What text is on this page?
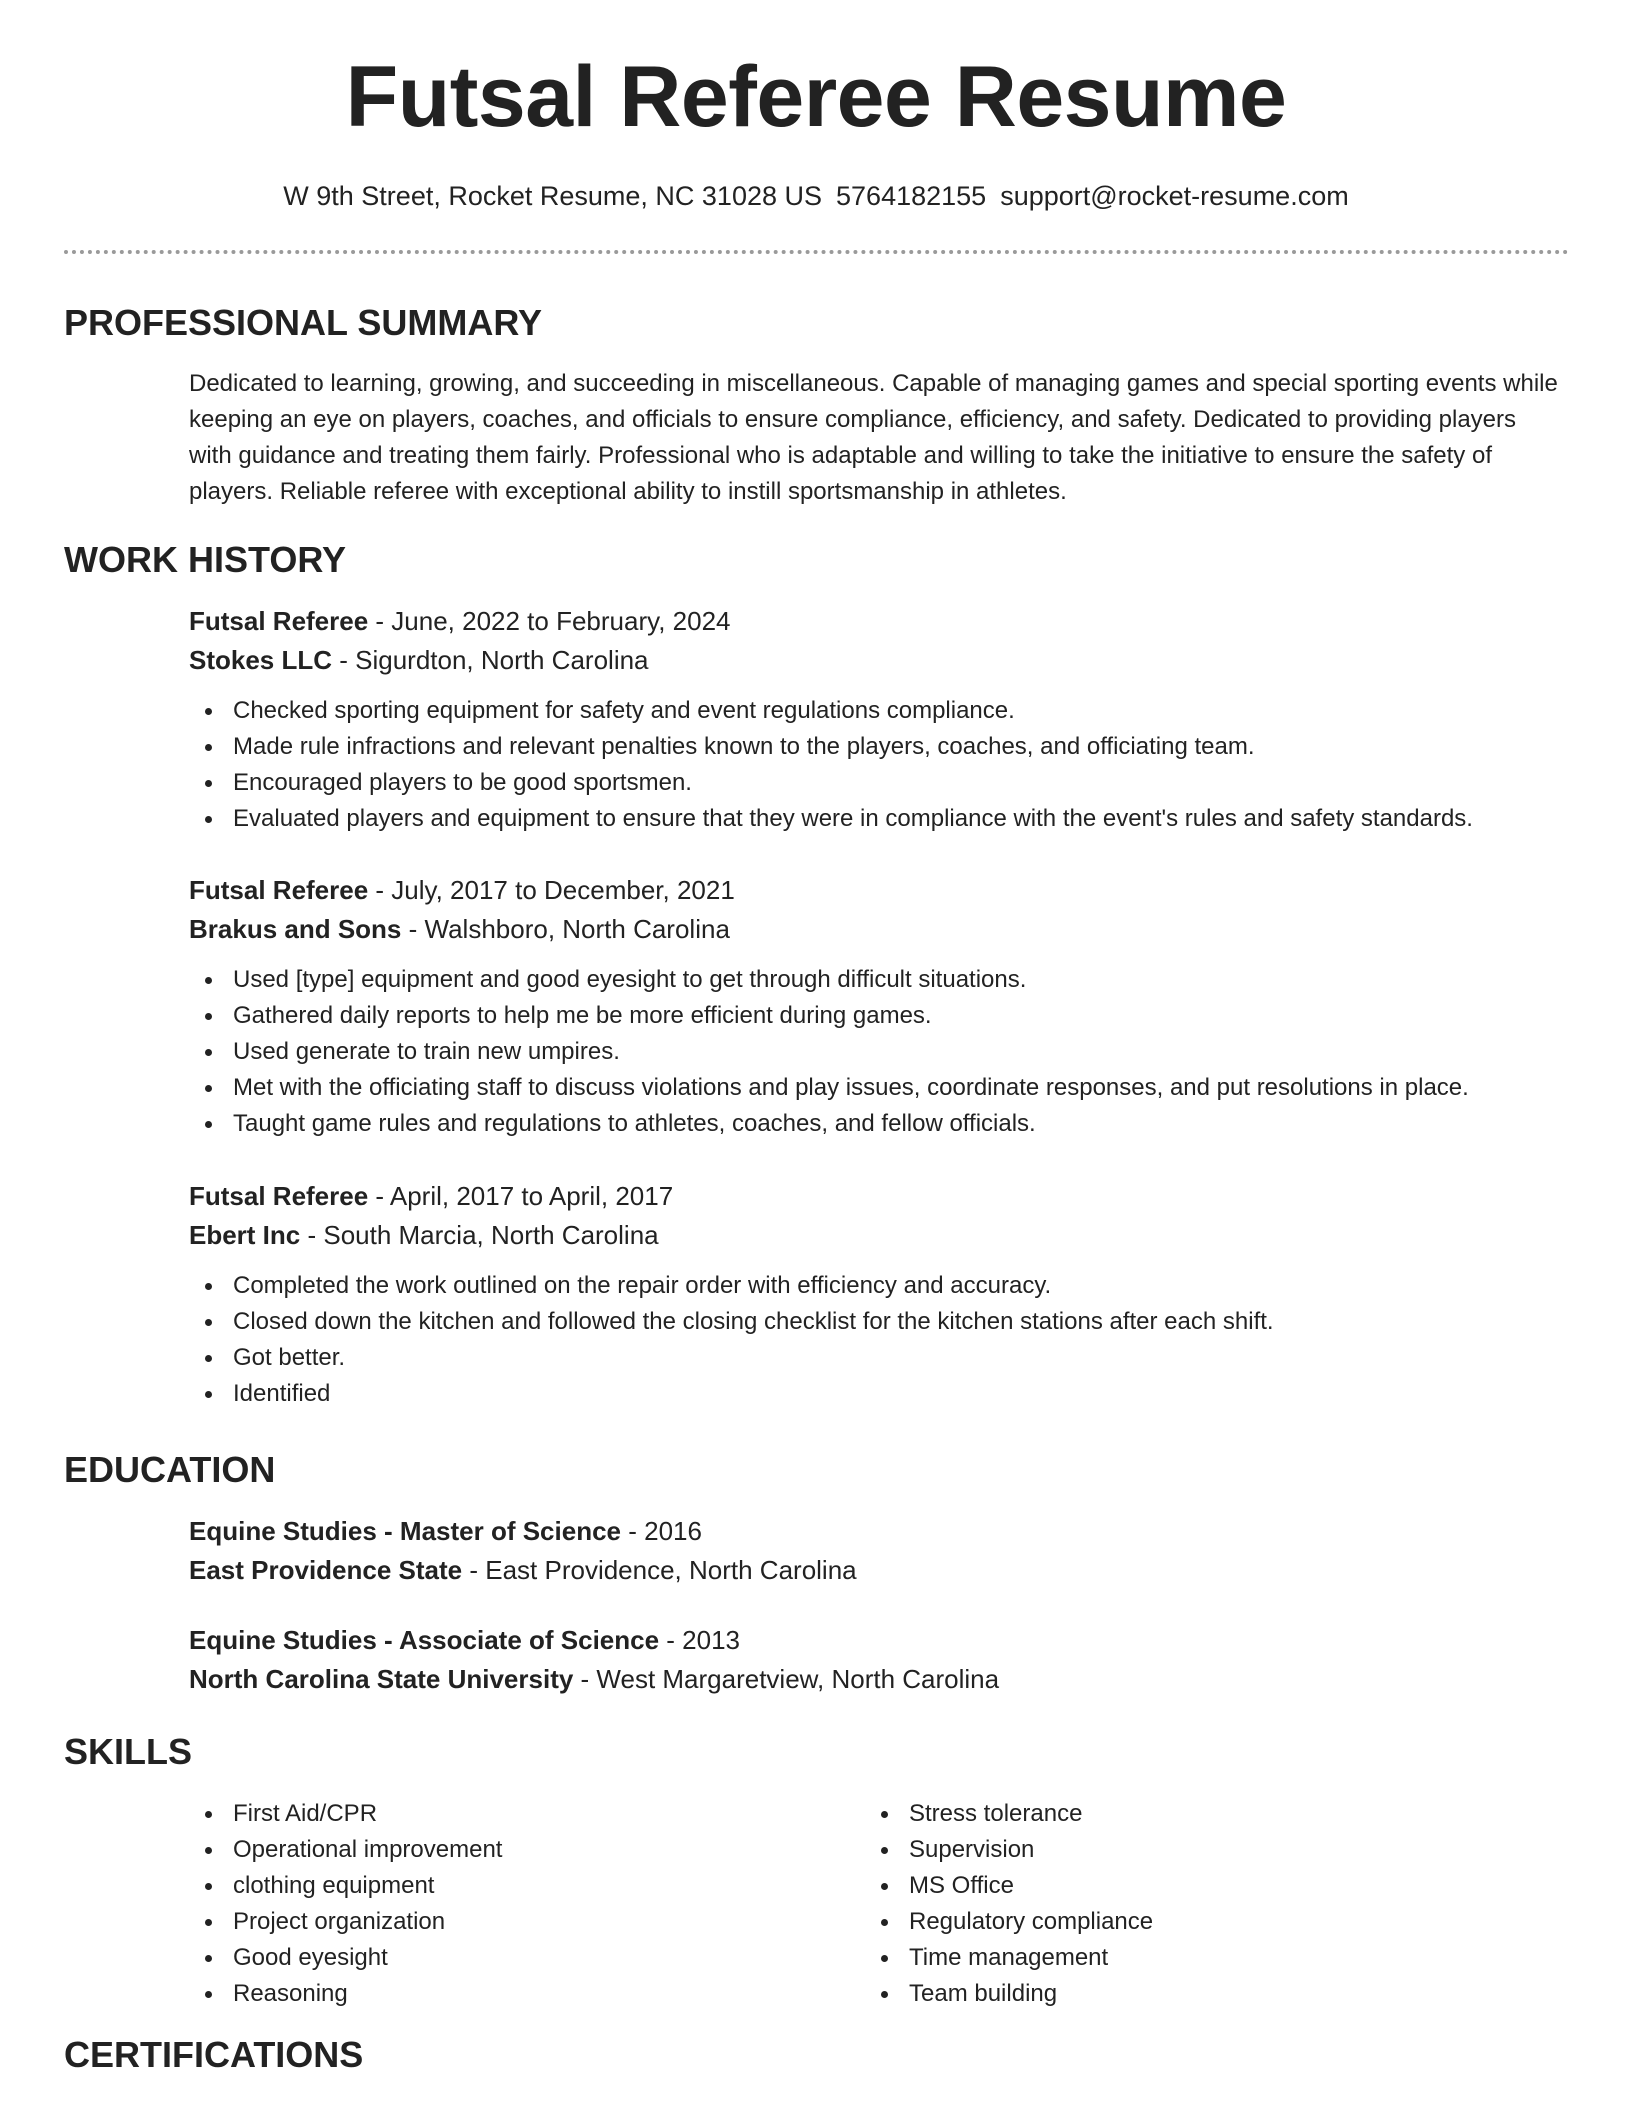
Futsal Referee Resume
W 9th Street, Rocket Resume, NC 31028 US 5764182155 support@rocket-resume.com
PROFESSIONAL SUMMARY

Dedicated to learning, growing, and succeeding in miscellaneous. Capable of managing games and special sporting events while keeping an eye on players, coaches, and officials to ensure compliance, efficiency, and safety. Dedicated to providing players with guidance and treating them fairly. Professional who is adaptable and willing to take the initiative to ensure the safety of players. Reliable referee with exceptional ability to instill sportsmanship in athletes.

WORK HISTORY
Futsal Referee - June, 2022 to February, 2024
Stokes LLC - Sigurdton, North Carolina
Checked sporting equipment for safety and event regulations compliance.
Made rule infractions and relevant penalties known to the players, coaches, and officiating team.
Encouraged players to be good sportsmen.
Evaluated players and equipment to ensure that they were in compliance with the event's rules and safety standards.
Futsal Referee - July, 2017 to December, 2021
Brakus and Sons - Walshboro, North Carolina
Used [type] equipment and good eyesight to get through difficult situations.
Gathered daily reports to help me be more efficient during games.
Used generate to train new umpires.
Met with the officiating staff to discuss violations and play issues, coordinate responses, and put resolutions in place.
Taught game rules and regulations to athletes, coaches, and fellow officials.
Futsal Referee - April, 2017 to April, 2017
Ebert Inc - South Marcia, North Carolina
Completed the work outlined on the repair order with efficiency and accuracy.
Closed down the kitchen and followed the closing checklist for the kitchen stations after each shift.
Got better.
Identified
EDUCATION
Equine Studies - Master of Science - 2016
East Providence State - East Providence, North Carolina
Equine Studies - Associate of Science - 2013
North Carolina State University - West Margaretview, North Carolina
SKILLS
First Aid/CPR
Operational improvement
clothing equipment
Project organization
Good eyesight
Reasoning
Stress tolerance
Supervision
MS Office
Regulatory compliance
Time management
Team building
CERTIFICATIONS
